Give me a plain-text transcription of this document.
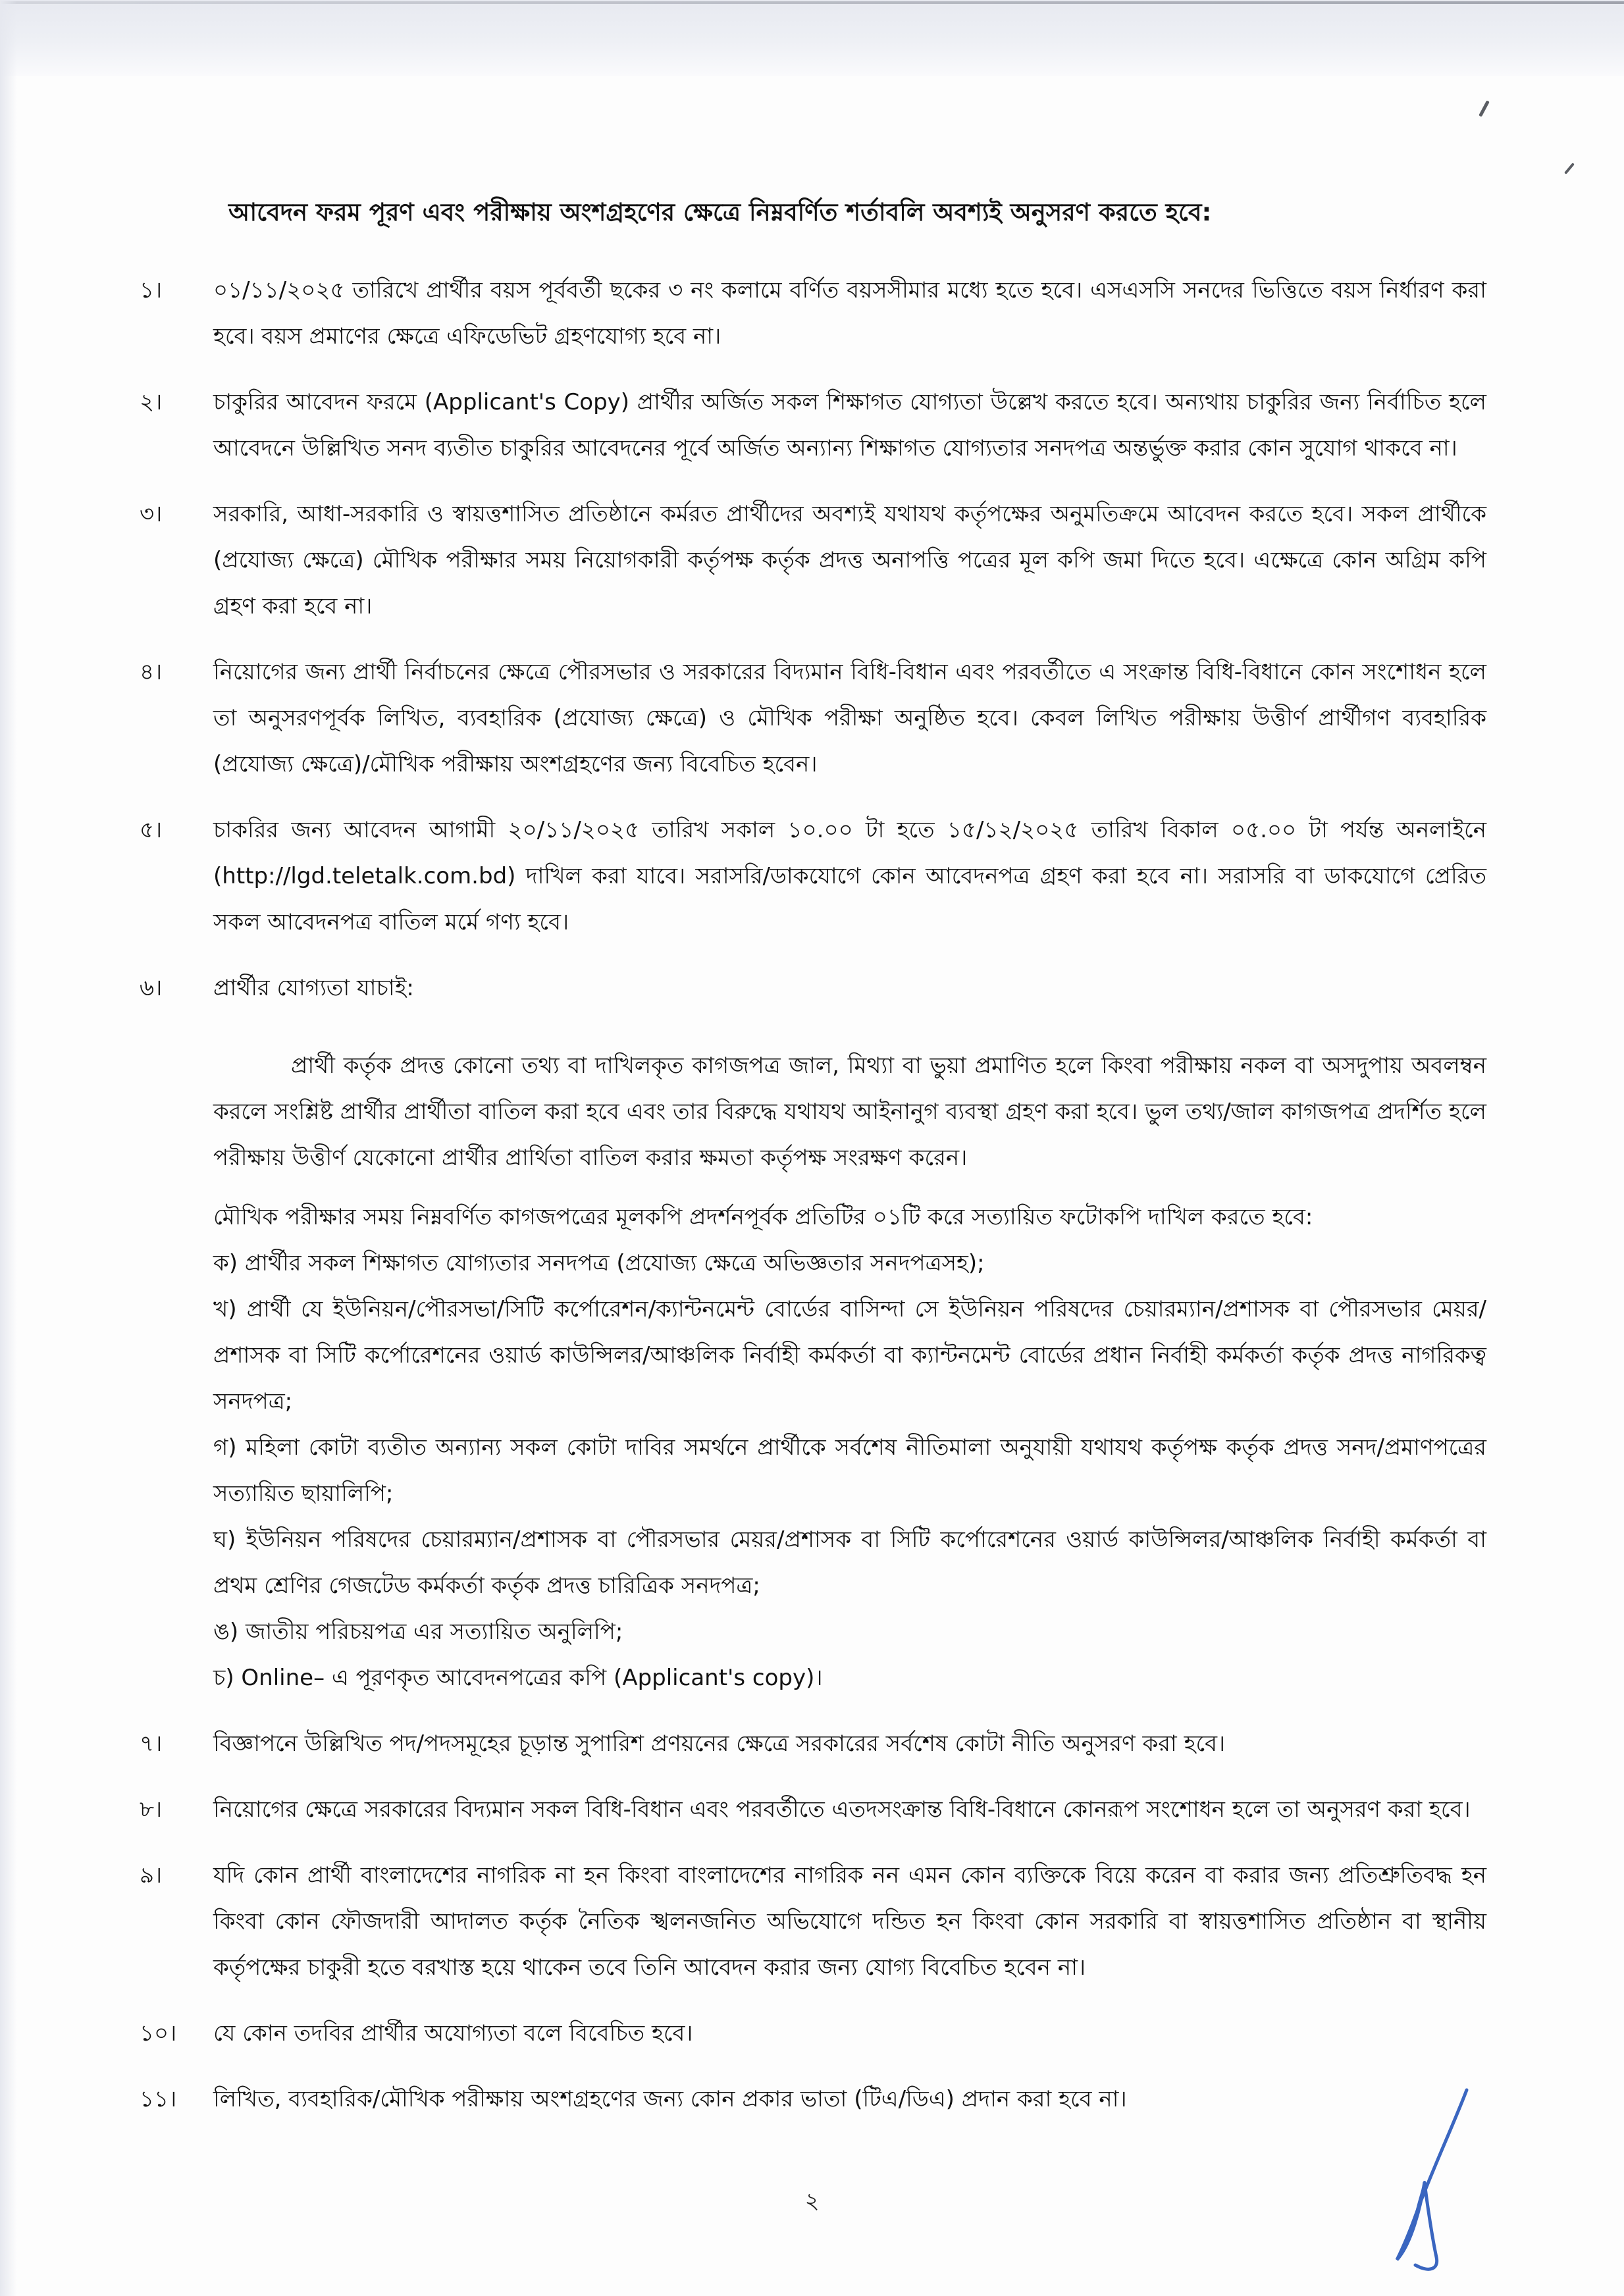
আবেদন ফরম পূরণ এবং পরীক্ষায় অংশগ্রহণের ক্ষেত্রে নিম্নবর্ণিত শর্তাবলি অবশ্যই অনুসরণ করতে হবে:

১।	০১/১১/২০২৫ তারিখে প্রার্থীর বয়স পূর্ববর্তী ছকের ৩ নং কলামে বর্ণিত বয়সসীমার মধ্যে হতে হবে। এসএসসি সনদের ভিত্তিতে বয়স নির্ধারণ করা হবে। বয়স প্রমাণের ক্ষেত্রে এফিডেভিট গ্রহণযোগ্য হবে না।

২।	চাকুরির আবেদন ফরমে (Applicant's Copy) প্রার্থীর অর্জিত সকল শিক্ষাগত যোগ্যতা উল্লেখ করতে হবে। অন্যথায় চাকুরির জন্য নির্বাচিত হলে আবেদনে উল্লিখিত সনদ ব্যতীত চাকুরির আবেদনের পূর্বে অর্জিত অন্যান্য শিক্ষাগত যোগ্যতার সনদপত্র অন্তর্ভুক্ত করার কোন সুযোগ থাকবে না।

৩।	সরকারি, আধা-সরকারি ও স্বায়ত্তশাসিত প্রতিষ্ঠানে কর্মরত প্রার্থীদের অবশ্যই যথাযথ কর্তৃপক্ষের অনুমতিক্রমে আবেদন করতে হবে। সকল প্রার্থীকে (প্রযোজ্য ক্ষেত্রে) মৌখিক পরীক্ষার সময় নিয়োগকারী কর্তৃপক্ষ কর্তৃক প্রদত্ত অনাপত্তি পত্রের মূল কপি জমা দিতে হবে। এক্ষেত্রে কোন অগ্রিম কপি গ্রহণ করা হবে না।

৪।	নিয়োগের জন্য প্রার্থী নির্বাচনের ক্ষেত্রে পৌরসভার ও সরকারের বিদ্যমান বিধি-বিধান এবং পরবর্তীতে এ সংক্রান্ত বিধি-বিধানে কোন সংশোধন হলে তা অনুসরণপূর্বক লিখিত, ব্যবহারিক (প্রযোজ্য ক্ষেত্রে) ও মৌখিক পরীক্ষা অনুষ্ঠিত হবে। কেবল লিখিত পরীক্ষায় উত্তীর্ণ প্রার্থীগণ ব্যবহারিক (প্রযোজ্য ক্ষেত্রে)/মৌখিক পরীক্ষায় অংশগ্রহণের জন্য বিবেচিত হবেন।

৫।	চাকরির জন্য আবেদন আগামী ২০/১১/২০২৫ তারিখ সকাল ১০.০০ টা হতে ১৫/১২/২০২৫ তারিখ বিকাল ০৫.০০ টা পর্যন্ত অনলাইনে (http://lgd.teletalk.com.bd) দাখিল করা যাবে। সরাসরি/ডাকযোগে কোন আবেদনপত্র গ্রহণ করা হবে না। সরাসরি বা ডাকযোগে প্রেরিত সকল আবেদনপত্র বাতিল মর্মে গণ্য হবে।

৬।	প্রার্থীর যোগ্যতা যাচাই:

প্রার্থী কর্তৃক প্রদত্ত কোনো তথ্য বা দাখিলকৃত কাগজপত্র জাল, মিথ্যা বা ভুয়া প্রমাণিত হলে কিংবা পরীক্ষায় নকল বা অসদুপায় অবলম্বন করলে সংশ্লিষ্ট প্রার্থীর প্রার্থীতা বাতিল করা হবে এবং তার বিরুদ্ধে যথাযথ আইনানুগ ব্যবস্থা গ্রহণ করা হবে। ভুল তথ্য/জাল কাগজপত্র প্রদর্শিত হলে পরীক্ষায় উত্তীর্ণ যেকোনো প্রার্থীর প্রার্থিতা বাতিল করার ক্ষমতা কর্তৃপক্ষ সংরক্ষণ করেন।

মৌখিক পরীক্ষার সময় নিম্নবর্ণিত কাগজপত্রের মূলকপি প্রদর্শনপূর্বক প্রতিটির ০১টি করে সত্যায়িত ফটোকপি দাখিল করতে হবে:

ক) প্রার্থীর সকল শিক্ষাগত যোগ্যতার সনদপত্র (প্রযোজ্য ক্ষেত্রে অভিজ্ঞতার সনদপত্রসহ);

খ) প্রার্থী যে ইউনিয়ন/পৌরসভা/সিটি কর্পোরেশন/ক্যান্টনমেন্ট বোর্ডের বাসিন্দা সে ইউনিয়ন পরিষদের চেয়ারম্যান/প্রশাসক বা পৌরসভার মেয়র/প্রশাসক বা সিটি কর্পোরেশনের ওয়ার্ড কাউন্সিলর/আঞ্চলিক নির্বাহী কর্মকর্তা বা ক্যান্টনমেন্ট বোর্ডের প্রধান নির্বাহী কর্মকর্তা কর্তৃক প্রদত্ত নাগরিকত্ব সনদপত্র;

গ) মহিলা কোটা ব্যতীত অন্যান্য সকল কোটা দাবির সমর্থনে প্রার্থীকে সর্বশেষ নীতিমালা অনুযায়ী যথাযথ কর্তৃপক্ষ কর্তৃক প্রদত্ত সনদ/প্রমাণপত্রের সত্যায়িত ছায়ালিপি;

ঘ) ইউনিয়ন পরিষদের চেয়ারম্যান/প্রশাসক বা পৌরসভার মেয়র/প্রশাসক বা সিটি কর্পোরেশনের ওয়ার্ড কাউন্সিলর/আঞ্চলিক নির্বাহী কর্মকর্তা বা প্রথম শ্রেণির গেজটেড কর্মকর্তা কর্তৃক প্রদত্ত চারিত্রিক সনদপত্র;

ঙ) জাতীয় পরিচয়পত্র এর সত্যায়িত অনুলিপি;

চ) Online– এ পূরণকৃত আবেদনপত্রের কপি (Applicant's copy)।

৭।	বিজ্ঞাপনে উল্লিখিত পদ/পদসমূহের চূড়ান্ত সুপারিশ প্রণয়নের ক্ষেত্রে সরকারের সর্বশেষ কোটা নীতি অনুসরণ করা হবে।

৮।	নিয়োগের ক্ষেত্রে সরকারের বিদ্যমান সকল বিধি-বিধান এবং পরবর্তীতে এতদসংক্রান্ত বিধি-বিধানে কোনরূপ সংশোধন হলে তা অনুসরণ করা হবে।

৯।	যদি কোন প্রার্থী বাংলাদেশের নাগরিক না হন কিংবা বাংলাদেশের নাগরিক নন এমন কোন ব্যক্তিকে বিয়ে করেন বা করার জন্য প্রতিশ্রুতিবদ্ধ হন কিংবা কোন ফৌজদারী আদালত কর্তৃক নৈতিক স্খলনজনিত অভিযোগে দন্ডিত হন কিংবা কোন সরকারি বা স্বায়ত্তশাসিত প্রতিষ্ঠান বা স্থানীয় কর্তৃপক্ষের চাকুরী হতে বরখাস্ত হয়ে থাকেন তবে তিনি আবেদন করার জন্য যোগ্য বিবেচিত হবেন না।

১০।	যে কোন তদবির প্রার্থীর অযোগ্যতা বলে বিবেচিত হবে।

১১।	লিখিত, ব্যবহারিক/মৌখিক পরীক্ষায় অংশগ্রহণের জন্য কোন প্রকার ভাতা (টিএ/ডিএ) প্রদান করা হবে না।

২
